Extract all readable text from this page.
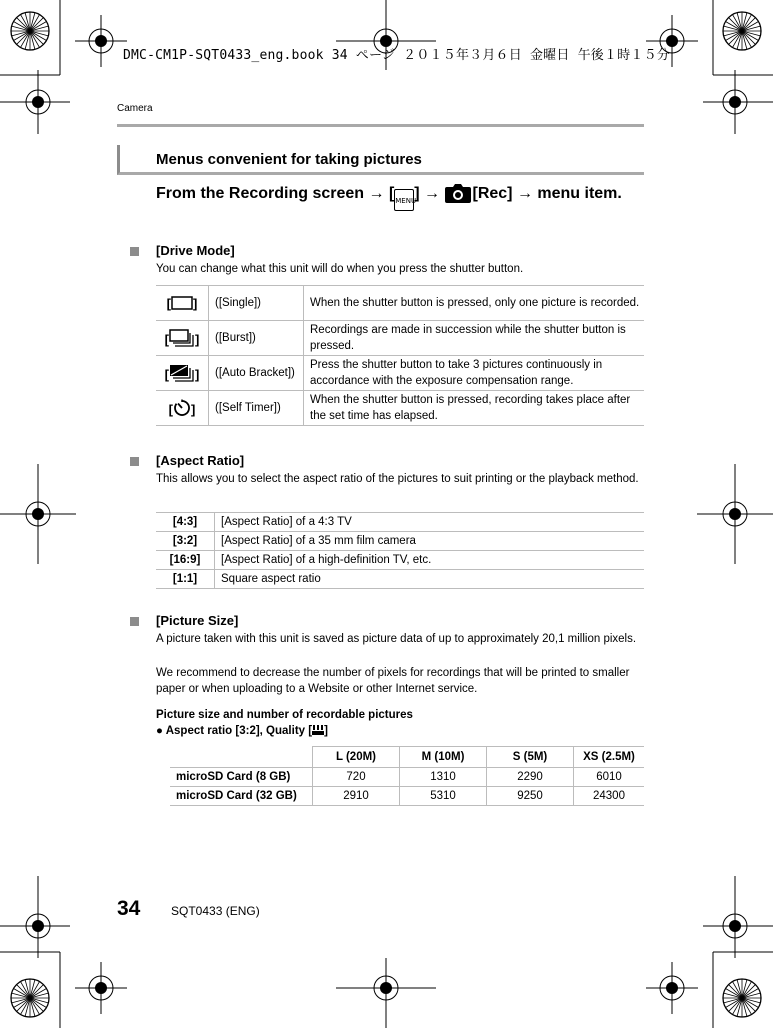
DMC-CM1P-SQT0433_eng.book 34 ページ ２０１５年３月６日 金曜日 午後１時１５分
Camera
Menus convenient for taking pictures
From the Recording screen → [MENU] → [Rec] → menu item.
[Drive Mode]
You can change what this unit will do when you press the shutter button.
[ ]	([Single])	When the shutter button is pressed, only one picture is recorded.
[ ]	([Burst])	Recordings are made in succession while the shutter button is pressed.
[ ]	([Auto Bracket])	Press the shutter button to take 3 pictures continuously in accordance with the exposure compensation range.
[ ]	([Self Timer])	When the shutter button is pressed, recording takes place after the set time has elapsed.
[Aspect Ratio]
This allows you to select the aspect ratio of the pictures to suit printing or the playback method.
[4:3]	[Aspect Ratio] of a 4:3 TV
[3:2]	[Aspect Ratio] of a 35 mm film camera
[16:9]	[Aspect Ratio] of a high-definition TV, etc.
[1:1]	Square aspect ratio
[Picture Size]
A picture taken with this unit is saved as picture data of up to approximately 20,1 million pixels.
We recommend to decrease the number of pixels for recordings that will be printed to smaller paper or when uploading to a Website or other Internet service.
Picture size and number of recordable pictures
● Aspect ratio [3:2], Quality [ ]
	L (20M)	M (10M)	S (5M)	XS (2.5M)
microSD Card (8 GB)	720	1310	2290	6010
microSD Card (32 GB)	2910	5310	9250	24300
34	SQT0433 (ENG)
